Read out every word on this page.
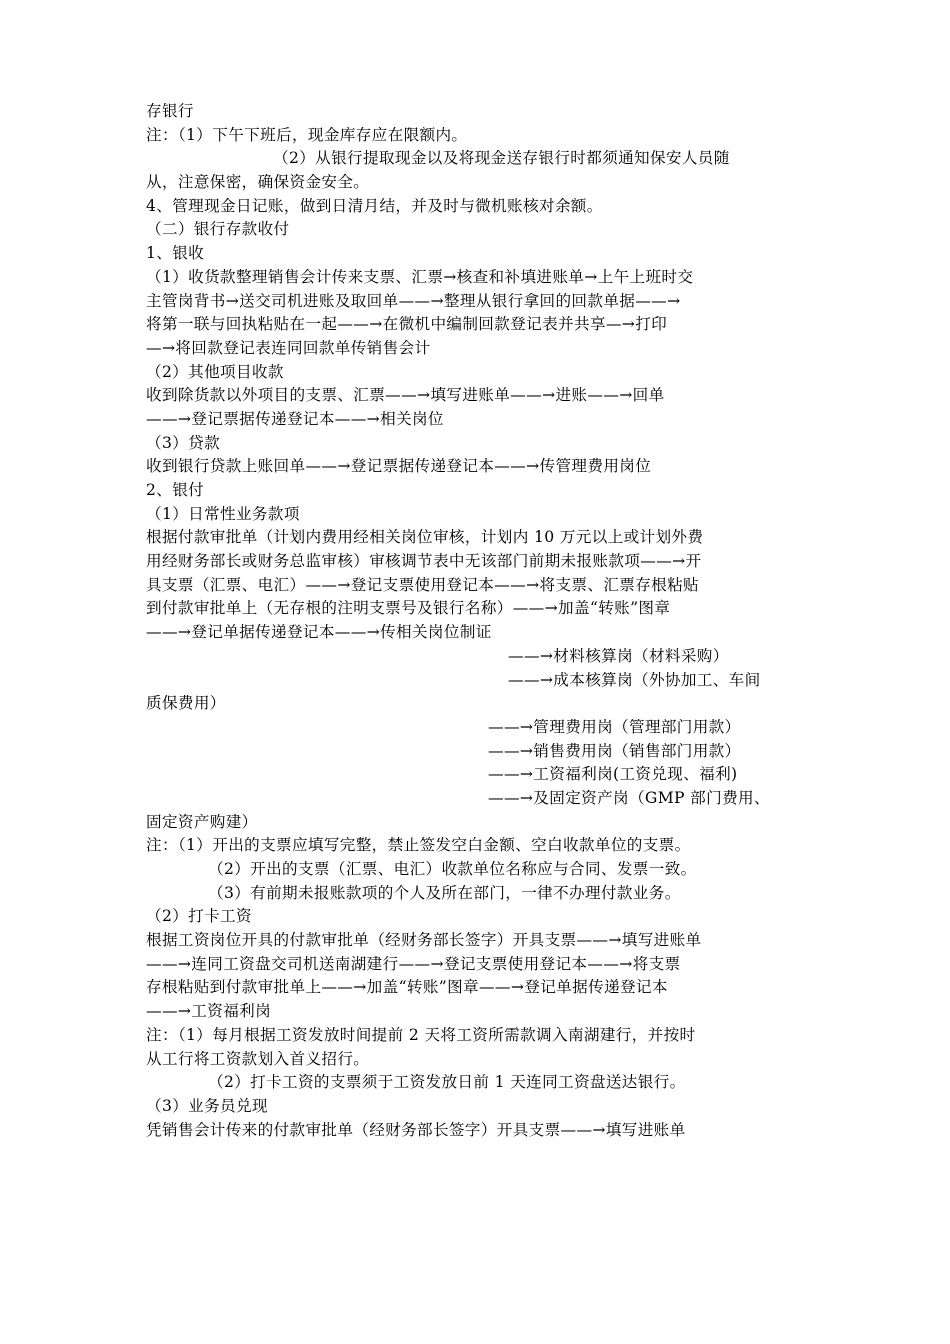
存银行
注：（1）下午下班后，现金库存应在限额内。
（2）从银行提取现金以及将现金送存银行时都须通知保安人员随
从，注意保密，确保资金安全。
4、管理现金日记账，做到日清月结，并及时与微机账核对余额。
（二）银行存款收付
1、银收
（1）收货款整理销售会计传来支票、汇票→核查和补填进账单→上午上班时交
主管岗背书→送交司机进账及取回单——→整理从银行拿回的回款单据——→
将第一联与回执粘贴在一起——→在微机中编制回款登记表并共享—→打印
—→将回款登记表连同回款单传销售会计
（2）其他项目收款
收到除货款以外项目的支票、汇票——→填写进账单——→进账——→回单
——→登记票据传递登记本——→相关岗位
（3）贷款
收到银行贷款上账回单——→登记票据传递登记本——→传管理费用岗位
2、银付
（1）日常性业务款项
根据付款审批单（计划内费用经相关岗位审核，计划内 10 万元以上或计划外费
用经财务部长或财务总监审核）审核调节表中无该部门前期未报账款项——→开
具支票（汇票、电汇）——→登记支票使用登记本——→将支票、汇票存根粘贴
到付款审批单上（无存根的注明支票号及银行名称）——→加盖“转账”图章
——→登记单据传递登记本——→传相关岗位制证
——→材料核算岗（材料采购）
——→成本核算岗（外协加工、车间
质保费用）
——→管理费用岗（管理部门用款）
——→销售费用岗（销售部门用款）
——→工资福利岗(工资兑现、福利)
——→及固定资产岗（GMP 部门费用、
固定资产购建）
注：（1）开出的支票应填写完整，禁止签发空白金额、空白收款单位的支票。
（2）开出的支票（汇票、电汇）收款单位名称应与合同、发票一致。
（3）有前期未报账款项的个人及所在部门，一律不办理付款业务。
（2）打卡工资
根据工资岗位开具的付款审批单（经财务部长签字）开具支票——→填写进账单
——→连同工资盘交司机送南湖建行——→登记支票使用登记本——→将支票
存根粘贴到付款审批单上——→加盖“转账”图章——→登记单据传递登记本
——→工资福利岗
注：（1）每月根据工资发放时间提前 2 天将工资所需款调入南湖建行，并按时
从工行将工资款划入首义招行。
（2）打卡工资的支票须于工资发放日前 1 天连同工资盘送达银行。
（3）业务员兑现
凭销售会计传来的付款审批单（经财务部长签字）开具支票——→填写进账单
